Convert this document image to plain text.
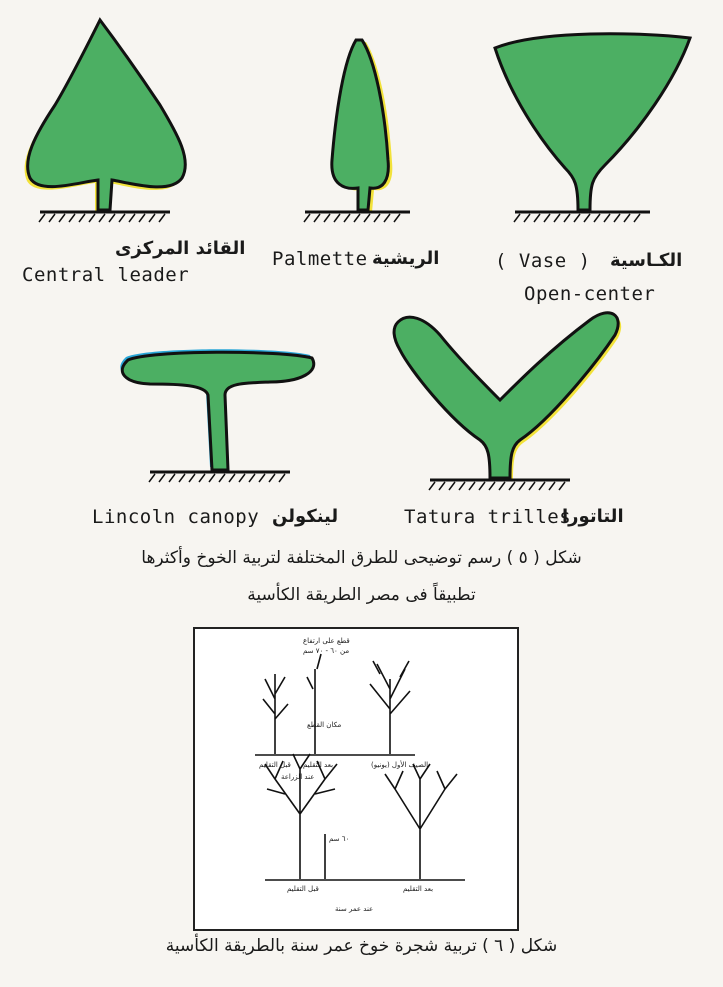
القائد المركزى
Central leader
Palmette الريشية	( Vase ) الكـاسية
Open-center
Lincoln canopy لينكولن	Tatura trilles
التاتورا
شكل ( ٥ ) رسم توضيحى للطرق المختلفة لتربية الخوخ وأكثرها
تطبيقاً فى مصر الطريقة الكأسية
قطع على ارتفاع
من ٦٠ - ٧٠ سم
مكان القطع
قبل التقليم بعد التقليم
عند الزراعة
الصيف الأول (يونيو)
٦٠ سم
قبل التقليم	بعد التقليم
عند عمر سنة
شكل ( ٦ ) تربية شجرة خوخ عمر سنة بالطريقة الكأسية
